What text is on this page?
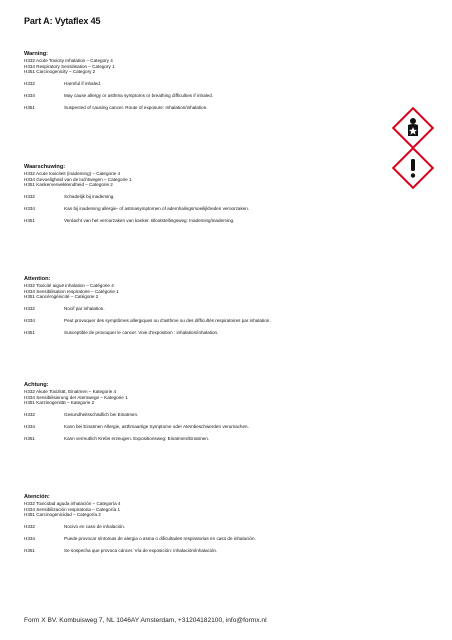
Part A: Vytaflex 45
Warning:
H332 Acute Toxicity Inhalation – Category 4
H334 Respiratory Sensitisation – Category 1
H351 Carcinogenicity – Category 2
H332	Harmful if inhaled.
H334	May cause allergy or asthma symptoms or breathing difficulties if inhaled.
H351	Suspected of causing cancer. Route of exposure: Inhalation/inhalation.
Waarschuwing:
H332 Acute toxiciteit (inademing) – Categorie 4
H334 Gevoeligheid van de luchtwegen – Categorie 1
H351 Kankerverwekkendheid – Categorie 2
H332	Schadelijk bij inademing.
H334	Kan bij inademing allergie- of astmasymptomen of ademhalingsmoeilijkheden veroorzaken.
H351	Verdacht van het veroorzaken van kanker. Blootstellingsweg: Inademing/inademing.
Attention:
H332 Toxicité aiguë inhalation – Catégorie 4
H334 Sensibilisation respiratoire – Catégorie 1
H351 Cancérogénicité – Catégorie 2
H332	Nocif par inhalation.
H334	Peut provoquer des symptômes allergiques ou d'asthme ou des difficultés respiratoires par inhalation.
H351	Susceptible de provoquer le cancer. Voie d'exposition : inhalation/inhalation.
Achtung:
H332 Akute Toxizität, Einatmen – Kategorie 4
H334 Sensibilisierung der Atemwege – Kategorie 1
H351 Karzinogenität – Kategorie 2
H332	Gesundheitsschädlich bei Einatmen.
H334	Kann bei Einatmen Allergie, asthmaartige Symptome oder Atembeschwerden verursachen.
H351	Kann vermutlich Krebs erzeugen. Expositionsweg: Einatmen/Einatmen.
Atención:
H332 Toxicidad aguda inhalación – Categoría 4
H334 Sensibilización respiratoria – Categoría 1
H351 Carcinogenicidad – Categoría 2
H332	Nocivo en caso de inhalación.
H334	Puede provocar síntomas de alergia o asma o dificultades respiratorias en caso de inhalación.
H351	Se sospecha que provoca cáncer. Vía de exposición: inhalación/inhalación.
Form X BV. Kombuisweg 7, NL 1046AY Amsterdam, +31204182100, info@formx.nl
